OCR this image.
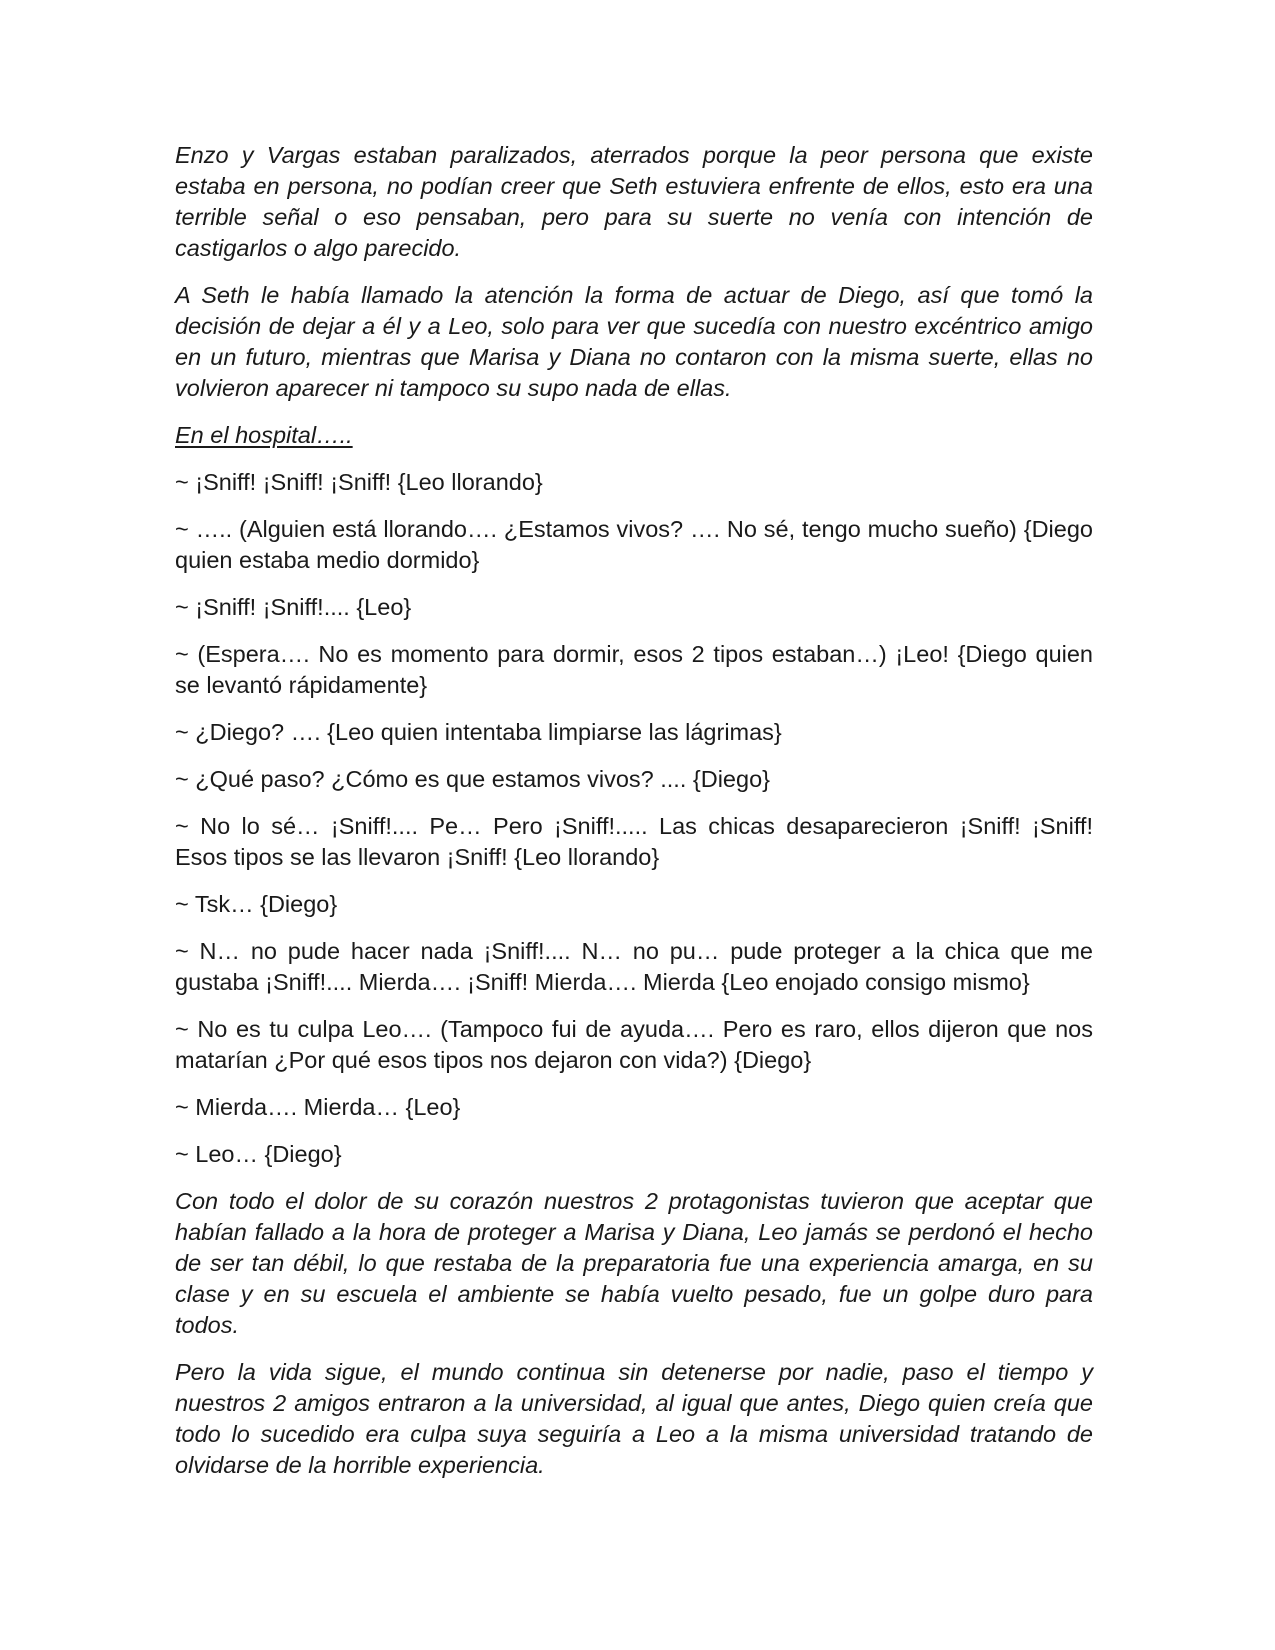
Enzo y Vargas estaban paralizados, aterrados porque la peor persona que existe estaba en persona, no podían creer que Seth estuviera enfrente de ellos, esto era una terrible señal o eso pensaban, pero para su suerte no venía con intención de castigarlos o algo parecido.

A Seth le había llamado la atención la forma de actuar de Diego, así que tomó la decisión de dejar a él y a Leo, solo para ver que sucedía con nuestro excéntrico amigo en un futuro, mientras que Marisa y Diana no contaron con la misma suerte, ellas no volvieron aparecer ni tampoco su supo nada de ellas.

En el hospital…..

~ ¡Sniff! ¡Sniff! ¡Sniff! {Leo llorando}

~ ….. (Alguien está llorando…. ¿Estamos vivos? …. No sé, tengo mucho sueño) {Diego quien estaba medio dormido}

~ ¡Sniff! ¡Sniff!.... {Leo}

~ (Espera…. No es momento para dormir, esos 2 tipos estaban…) ¡Leo! {Diego quien se levantó rápidamente}

~ ¿Diego? …. {Leo quien intentaba limpiarse las lágrimas}

~ ¿Qué paso? ¿Cómo es que estamos vivos? .... {Diego}

~ No lo sé… ¡Sniff!.... Pe… Pero ¡Sniff!..... Las chicas desaparecieron ¡Sniff! ¡Sniff! Esos tipos se las llevaron ¡Sniff! {Leo llorando}

~ Tsk… {Diego}

~ N… no pude hacer nada ¡Sniff!.... N… no pu… pude proteger a la chica que me gustaba ¡Sniff!.... Mierda…. ¡Sniff! Mierda…. Mierda {Leo enojado consigo mismo}

~ No es tu culpa Leo…. (Tampoco fui de ayuda…. Pero es raro, ellos dijeron que nos matarían ¿Por qué esos tipos nos dejaron con vida?) {Diego}

~ Mierda…. Mierda… {Leo}

~ Leo… {Diego}

Con todo el dolor de su corazón nuestros 2 protagonistas tuvieron que aceptar que habían fallado a la hora de proteger a Marisa y Diana, Leo jamás se perdonó el hecho de ser tan débil, lo que restaba de la preparatoria fue una experiencia amarga, en su clase y en su escuela el ambiente se había vuelto pesado, fue un golpe duro para todos.

Pero la vida sigue, el mundo continua sin detenerse por nadie, paso el tiempo y nuestros 2 amigos entraron a la universidad, al igual que antes, Diego quien creía que todo lo sucedido era culpa suya seguiría a Leo a la misma universidad tratando de olvidarse de la horrible experiencia.
